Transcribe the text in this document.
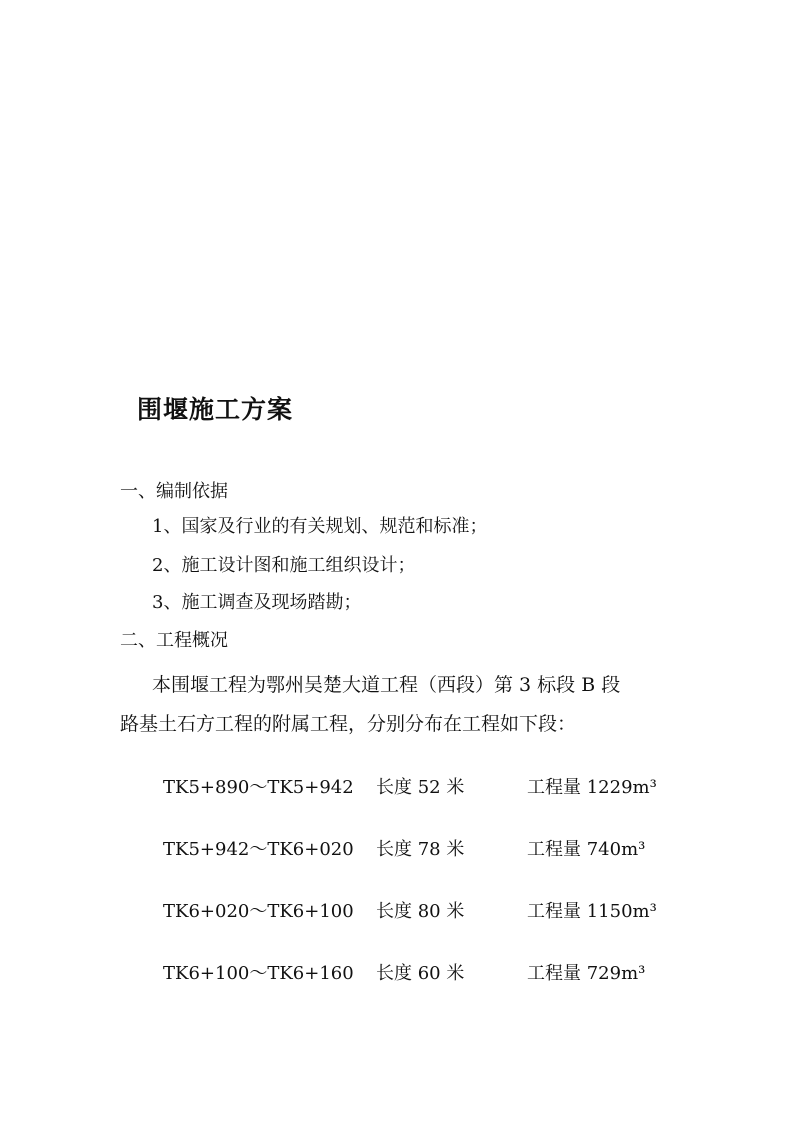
围堰施工方案
一、编制依据
1、国家及行业的有关规划、规范和标准；
2、施工设计图和施工组织设计；
3、施工调查及现场踏勘；
二、工程概况
本围堰工程为鄂州吴楚大道工程（西段）第 3 标段 B 段
路基土石方工程的附属工程，分别分布在工程如下段：
TK5+890～TK5+942 长度 52 米	工程量 1229m³
TK5+942～TK6+020 长度 78 米	工程量 740m³
TK6+020～TK6+100 长度 80 米	工程量 1150m³
TK6+100～TK6+160 长度 60 米	工程量 729m³
